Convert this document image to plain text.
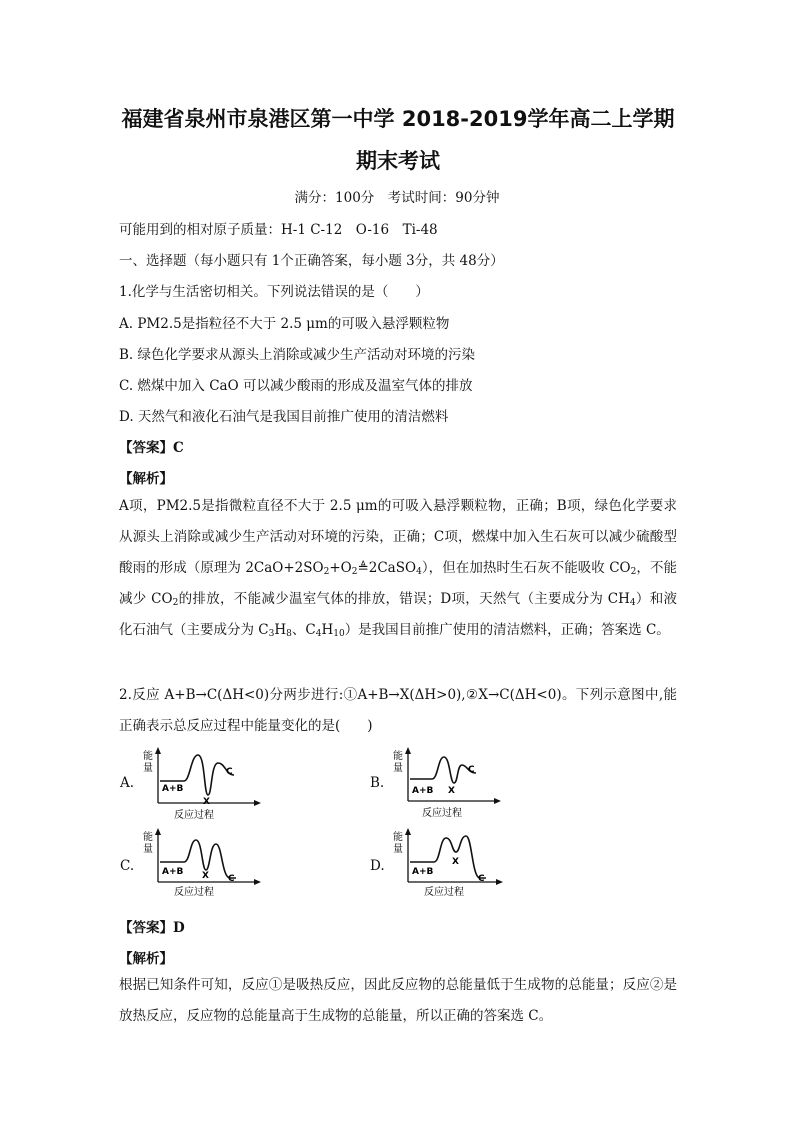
福建省泉州市泉港区第一中学 2018-2019学年高二上学期期末考试
满分：100分　考试时间：90分钟
可能用到的相对原子质量：H-1 C-12　O-16　Ti-48
一、选择题（每小题只有 1个正确答案，每小题 3分，共 48分）
1.化学与生活密切相关。下列说法错误的是（　　）
A. PM2.5是指粒径不大于 2.5 μm的可吸入悬浮颗粒物
B. 绿色化学要求从源头上消除或减少生产活动对环境的污染
C. 燃煤中加入 CaO 可以减少酸雨的形成及温室气体的排放
D. 天然气和液化石油气是我国目前推广使用的清洁燃料
【答案】C
【解析】
A项，PM2.5是指微粒直径不大于 2.5 μm的可吸入悬浮颗粒物，正确；B项，绿色化学要求从源头上消除或减少生产活动对环境的污染，正确；C项，燃煤中加入生石灰可以减少硫酸型酸雨的形成（原理为 $2CaO+2SO_2+O_2≜2CaSO_4$），但在加热时生石灰不能吸收 $CO_2$，不能减少 $CO_2$的排放，不能减少温室气体的排放，错误；D项，天然气（主要成分为 $CH_4$）和液化石油气（主要成分为 $C_3H_8$、$C_4H_{10}$）是我国目前推广使用的清洁燃料，正确；答案选 C。
2.反应 A+B→C(ΔH<0)分两步进行:①A+B→X(ΔH>0),②X→C(ΔH<0)。下列示意图中,能正确表示总反应过程中能量变化的是(　　)
A.	B.
C.	D.
能
量
反应过程
A+B
X
C
能
量
反应过程
A+B X
C
能
量
反应过程
A+B X C
能
量
反应过程
A+B
X
C
【答案】D
【解析】
根据已知条件可知，反应①是吸热反应，因此反应物的总能量低于生成物的总能量；反应②是放热反应，反应物的总能量高于生成物的总能量，所以正确的答案选 C。
